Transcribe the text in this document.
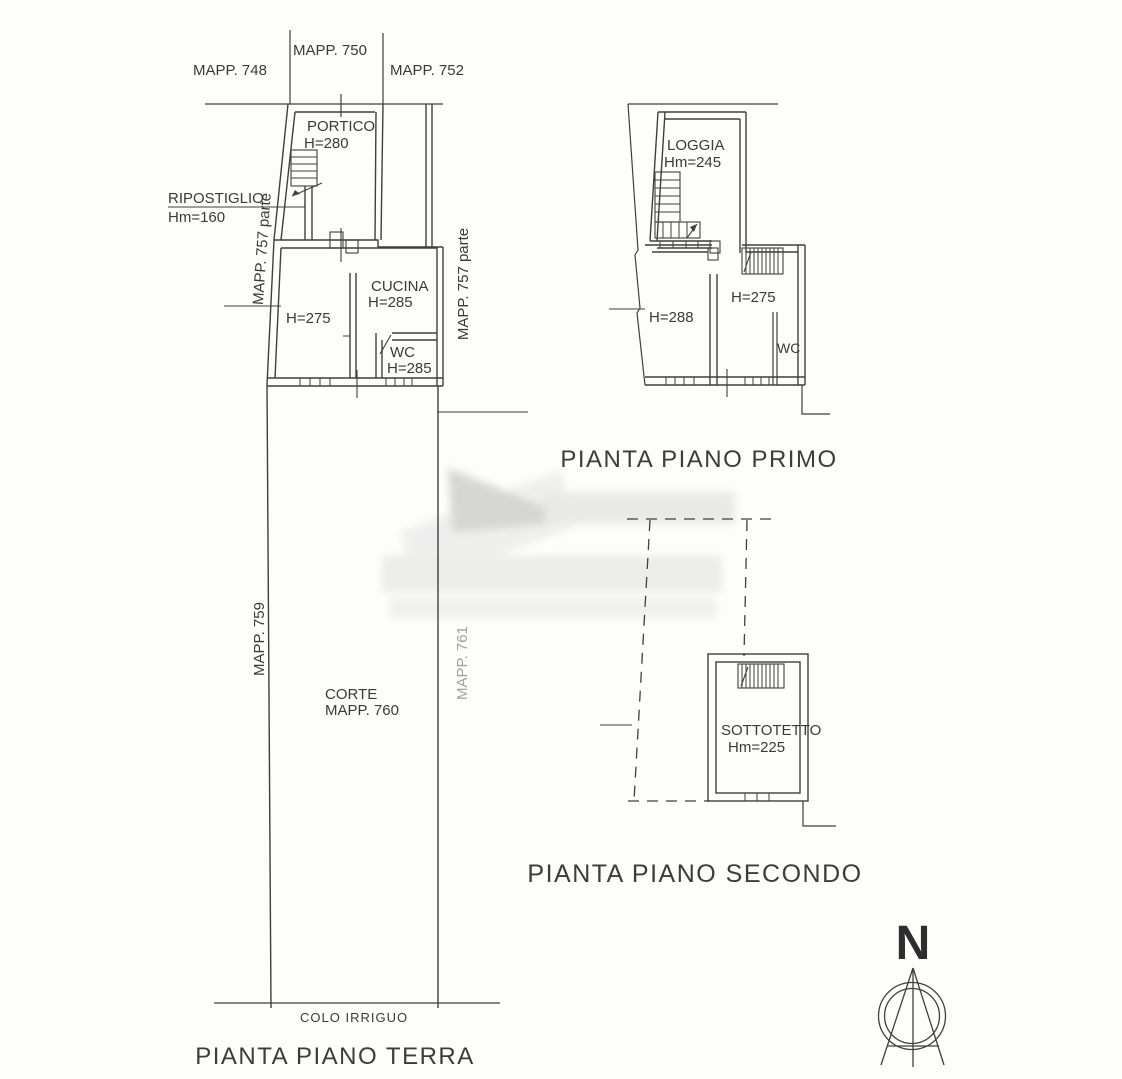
MAPP. 748
MAPP. 750
MAPP. 752
PORTICO
H=280
RIPOSTIGLIO
Hm=160 MAPP. 757 parte	MAPP. 757 parte
H=275
CUCINA
H=285
WC
H=285
MAPP. 759	MAPP. 761
CORTE
MAPP. 760
COLO IRRIGUO
PIANTA PIANO TERRA
LOGGIA
Hm=245
H=288
H=275
WC
PIANTA PIANO PRIMO
SOTTOTETTO
Hm=225
PIANTA PIANO SECONDO
N
